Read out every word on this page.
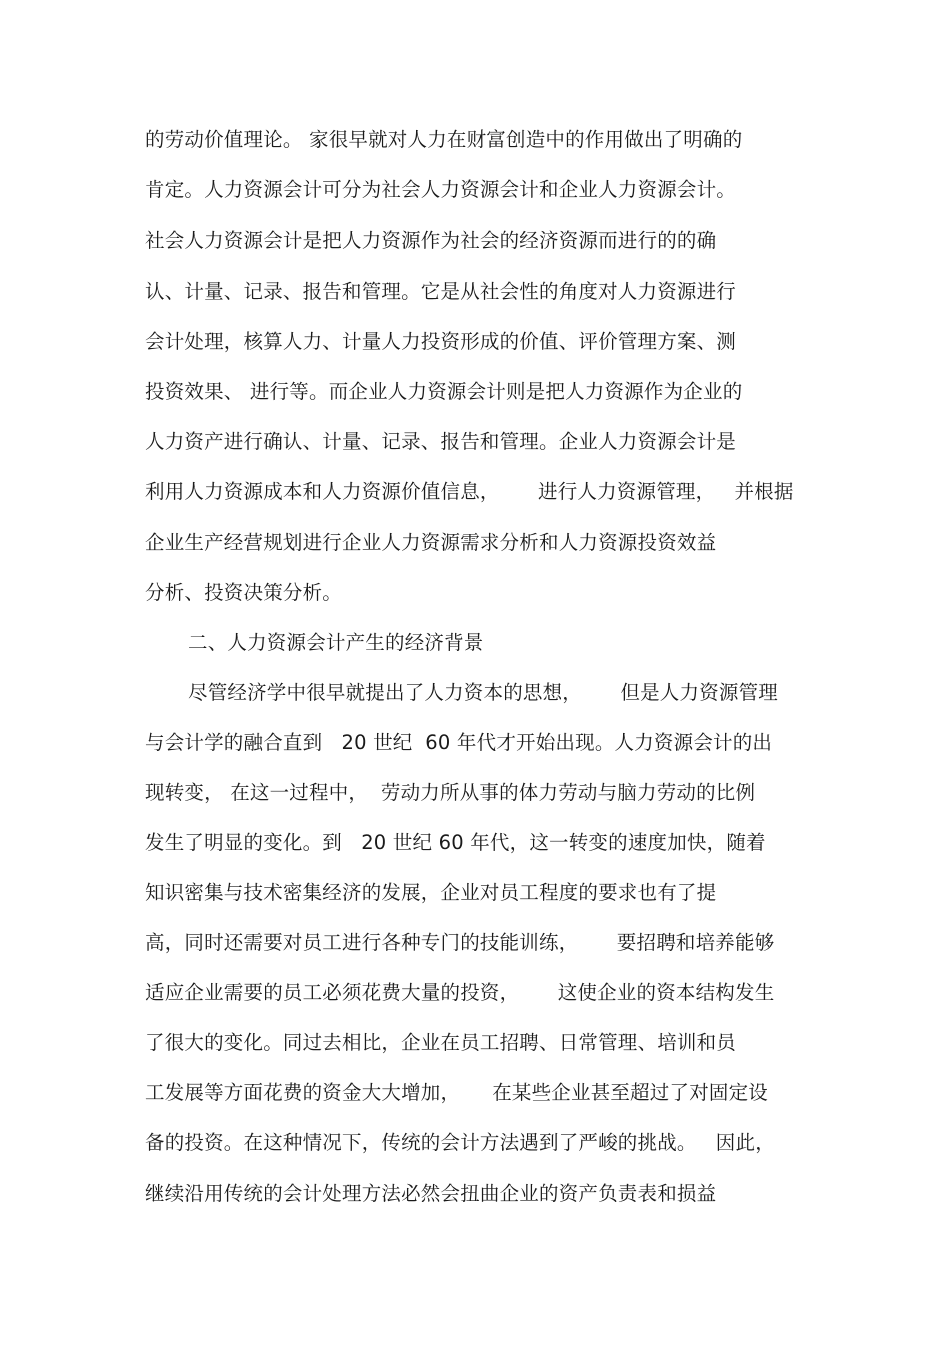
的劳动价值理论。 家很早就对人力在财富创造中的作用做出了明确的
肯定。人力资源会计可分为社会人力资源会计和企业人力资源会计。
社会人力资源会计是把人力资源作为社会的经济资源而进行的的确
认、计量、记录、报告和管理。它是从社会性的角度对人力资源进行
会计处理，核算人力、计量人力投资形成的价值、评价管理方案、测
投资效果、 进行等。而企业人力资源会计则是把人力资源作为企业的
人力资产进行确认、计量、记录、报告和管理。企业人力资源会计是
利用人力资源成本和人力资源价值信息，      进行人力资源管理，   并根据
企业生产经营规划进行企业人力资源需求分析和人力资源投资效益
分析、投资决策分析。
二、人力资源会计产生的经济背景
尽管经济学中很早就提出了人力资本的思想，      但是人力资源管理
与会计学的融合直到   20 世纪  60 年代才开始出现。人力资源会计的出
现转变， 在这一过程中，  劳动力所从事的体力劳动与脑力劳动的比例
发生了明显的变化。到   20 世纪 60 年代，这一转变的速度加快，随着
知识密集与技术密集经济的发展，企业对员工程度的要求也有了提
高，同时还需要对员工进行各种专门的技能训练，      要招聘和培养能够
适应企业需要的员工必须花费大量的投资，      这使企业的资本结构发生
了很大的变化。同过去相比，企业在员工招聘、日常管理、培训和员
工发展等方面花费的资金大大增加，     在某些企业甚至超过了对固定设
备的投资。在这种情况下，传统的会计方法遇到了严峻的挑战。   因此，
继续沿用传统的会计处理方法必然会扭曲企业的资产负责表和损益
